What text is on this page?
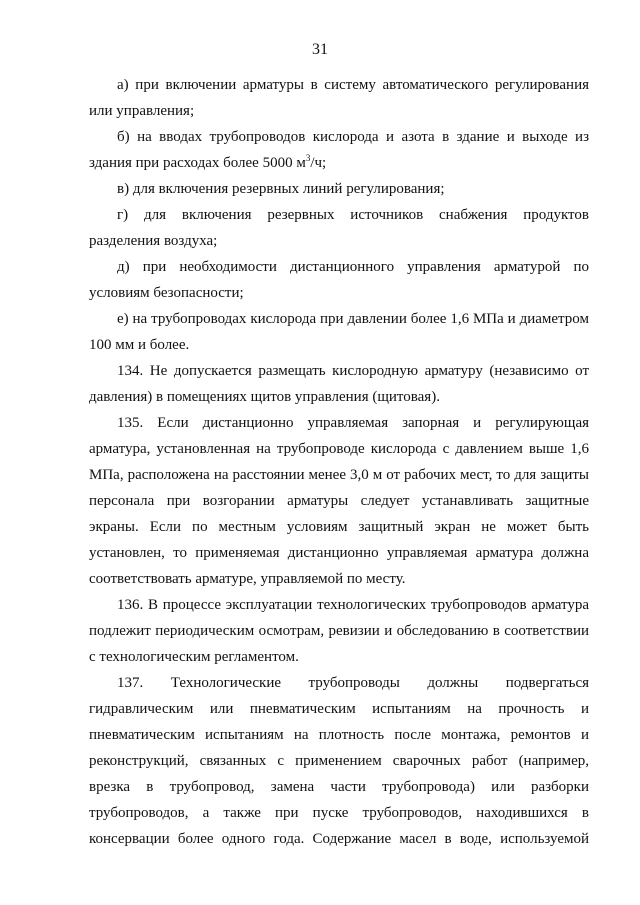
31

а) при включении арматуры в систему автоматического регулирования или управления;

б) на вводах трубопроводов кислорода и азота в здание и выходе из здания при расходах более 5000 $м^3/ч$;

в) для включения резервных линий регулирования;

г) для включения резервных источников снабжения продуктов разделения воздуха;

д) при необходимости дистанционного управления арматурой по условиям безопасности;

е) на трубопроводах кислорода при давлении более 1,6 МПа и диаметром 100 мм и более.

134. Не допускается размещать кислородную арматуру (независимо от давления) в помещениях щитов управления (щитовая).

135. Если дистанционно управляемая запорная и регулирующая арматура, установленная на трубопроводе кислорода с давлением выше 1,6 МПа, расположена на расстоянии менее 3,0 м от рабочих мест, то для защиты персонала при возгорании арматуры следует устанавливать защитные экраны. Если по местным условиям защитный экран не может быть установлен, то применяемая дистанционно управляемая арматура должна соответствовать арматуре, управляемой по месту.

136. В процессе эксплуатации технологических трубопроводов арматура подлежит периодическим осмотрам, ревизии и обследованию в соответствии с технологическим регламентом.

137. Технологические трубопроводы должны подвергаться гидравлическим или пневматическим испытаниям на прочность и пневматическим испытаниям на плотность после монтажа, ремонтов и реконструкций, связанных с применением сварочных работ (например, врезка в трубопровод, замена части трубопровода) или разборки трубопроводов, а также при пуске трубопроводов, находившихся в консервации более одного года. Содержание масел в воде, используемой
